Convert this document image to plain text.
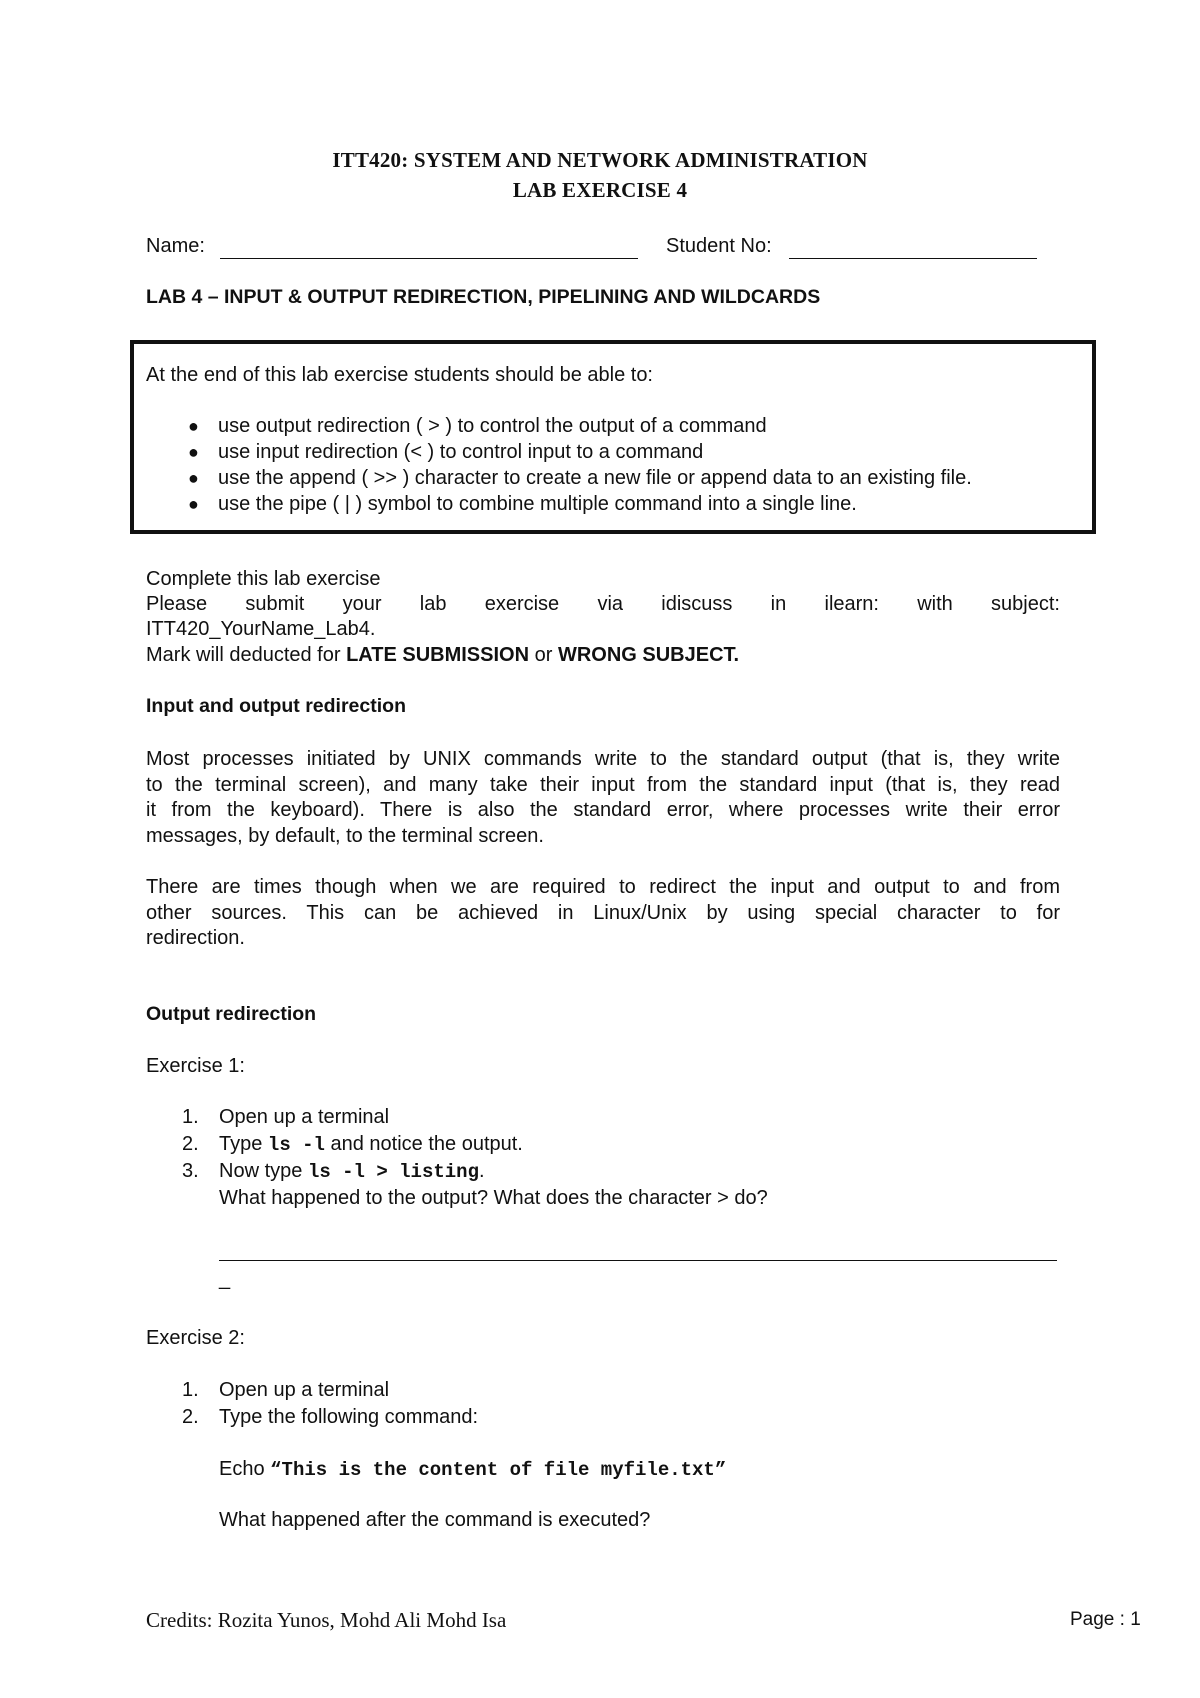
ITT420: SYSTEM AND NETWORK ADMINISTRATION
LAB EXERCISE 4
Name:	Student No:
LAB 4 – INPUT & OUTPUT REDIRECTION, PIPELINING AND WILDCARDS
At the end of this lab exercise students should be able to:
● use output redirection ( > ) to control the output of a command
● use input redirection (< ) to control input to a command
● use the append ( >> ) character to create a new file or append data to an existing file.
● use the pipe ( | ) symbol to combine multiple command into a single line.
Complete this lab exercise
Please submit your lab exercise via idiscuss in ilearn: with subject:
ITT420_YourName_Lab4.
Mark will deducted for LATE SUBMISSION or WRONG SUBJECT.
Input and output redirection
Most processes initiated by UNIX commands write to the standard output (that is, they write
to the terminal screen), and many take their input from the standard input (that is, they read
it from the keyboard). There is also the standard error, where processes write their error
messages, by default, to the terminal screen.
There are times though when we are required to redirect the input and output to and from
other sources. This can be achieved in Linux/Unix by using special character to for
redirection.
Output redirection
Exercise 1:
1. Open up a terminal
2. Type ls -l and notice the output.
3. Now type ls -l > listing.
What happened to the output? What does the character > do?
_
Exercise 2:
1. Open up a terminal
2. Type the following command:
Echo “This is the content of file myfile.txt”
What happened after the command is executed?
Credits: Rozita Yunos, Mohd Ali Mohd Isa	Page : 1
